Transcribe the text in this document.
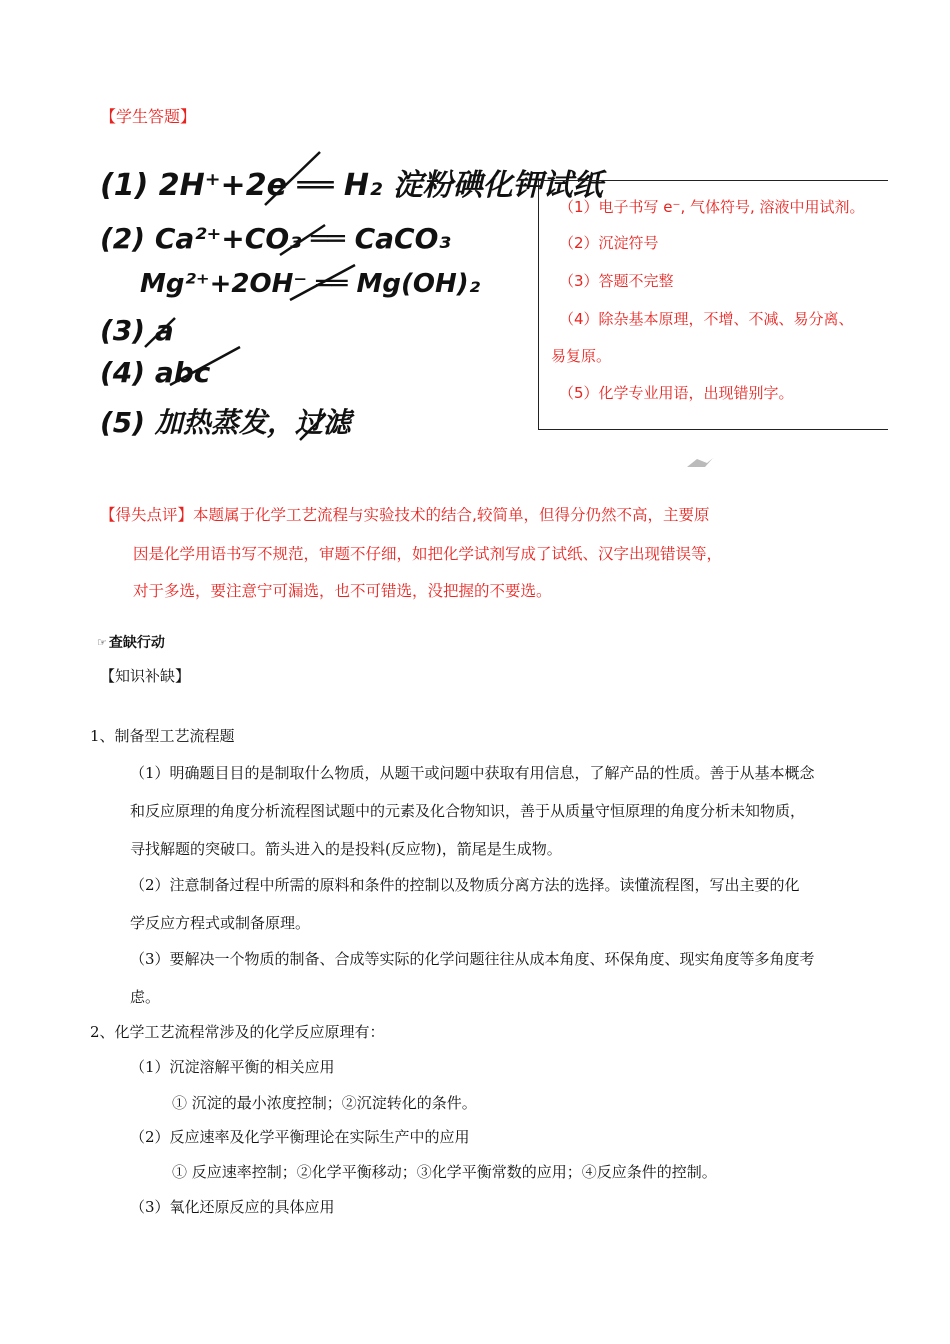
【学生答题】
(1) 2H⁺+2e ══ H₂ 淀粉碘化钾试纸
(2) Ca²⁺+CO₃ ══ CaCO₃
Mg²⁺+2OH⁻ ══ Mg(OH)₂
(3) a
(4) abc
(5) 加热蒸发，过滤
（1）电子书写 e⁻, 气体符号, 溶液中用试剂。
（2）沉淀符号
（3）答题不完整
（4）除杂基本原理，不增、不减、易分离、
易复原。
（5）化学专业用语，出现错别字。
【得失点评】本题属于化学工艺流程与实验技术的结合,较简单，但得分仍然不高，主要原
因是化学用语书写不规范，审题不仔细，如把化学试剂写成了试纸、汉字出现错误等，
对于多选，要注意宁可漏选，也不可错选，没把握的不要选。
☞ 查缺行动
【知识补缺】
1、制备型工艺流程题
（1）明确题目目的是制取什么物质，从题干或问题中获取有用信息，了解产品的性质。善于从基本概念
和反应原理的角度分析流程图试题中的元素及化合物知识，善于从质量守恒原理的角度分析未知物质，
寻找解题的突破口。箭头进入的是投料(反应物)，箭尾是生成物。
（2）注意制备过程中所需的原料和条件的控制以及物质分离方法的选择。读懂流程图，写出主要的化
学反应方程式或制备原理。
（3）要解决一个物质的制备、合成等实际的化学问题往往从成本角度、环保角度、现实角度等多角度考
虑。
2、化学工艺流程常涉及的化学反应原理有：
（1）沉淀溶解平衡的相关应用
① 沉淀的最小浓度控制；②沉淀转化的条件。
（2）反应速率及化学平衡理论在实际生产中的应用
① 反应速率控制；②化学平衡移动；③化学平衡常数的应用；④反应条件的控制。
（3）氧化还原反应的具体应用
